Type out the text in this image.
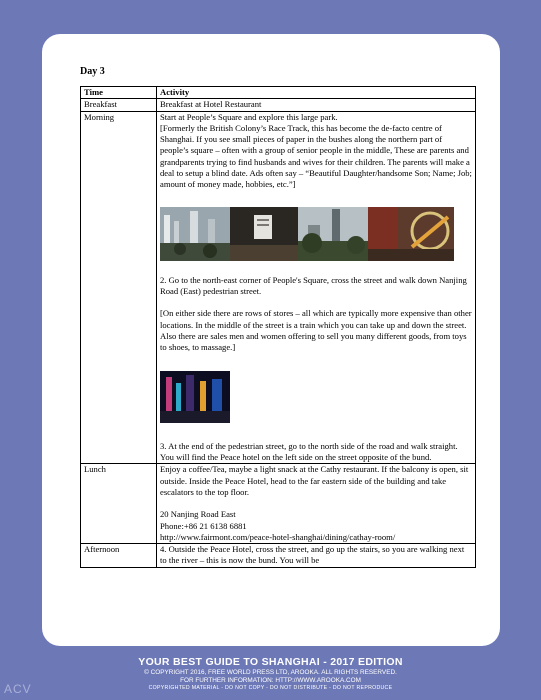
Day 3
Time	Activity
Breakfast	Breakfast at Hotel Restaurant
Morning	Start at People’s Square and explore this large park.

[Formerly the British Colony’s Race Track, this has become the de-facto centre of Shanghai. If you see small pieces of paper in the bushes along the northern part of people’s square – often with a group of senior people in the middle, These are parents and grandparents trying to find husbands and wives for their children. The parents will make a deal to setup a blind date. Ads often say – “Beautiful Daughter/handsome Son; Name; Job; amount of money made, hobbies, etc.”]

2. Go to the north-east corner of People's Square, cross the street and walk down Nanjing Road (East) pedestrian street.

[On either side there are rows of stores – all which are typically more expensive than other locations. In the middle of the street is a train which you can take up and down the street. Also there are sales men and women offering to sell you many different goods, from toys to shoes, to massage.]

3. At the end of the pedestrian street, go to the north side of the road and walk straight. You will find the Peace hotel on the left side on the street opposite of the bund.

Lunch	Enjoy a coffee/Tea, maybe a light snack at the Cathy restaurant. If the balcony is open, sit outside. Inside the Peace Hotel, head to the far eastern side of the building and take escalators to the top floor.

20 Nanjing Road East

Phone:+86 21 6138 6881

http://www.fairmont.com/peace-hotel-shanghai/dining/cathay-room/

Afternoon	4. Outside the Peace Hotel, cross the street, and go up the stairs, so you are walking next to the river – this is now the bund. You will be
YOUR BEST GUIDE TO SHANGHAI - 2017 EDITION
© COPYRIGHT 2016, FREE WORLD PRESS LTD, AROOKA. ALL RIGHTS RESERVED.
FOR FURTHER INFORMATION: HTTP://WWW.AROOKA.COM
COPYRIGHTED MATERIAL - DO NOT COPY - DO NOT DISTRIBUTE - DO NOT REPRODUCE
ACV
